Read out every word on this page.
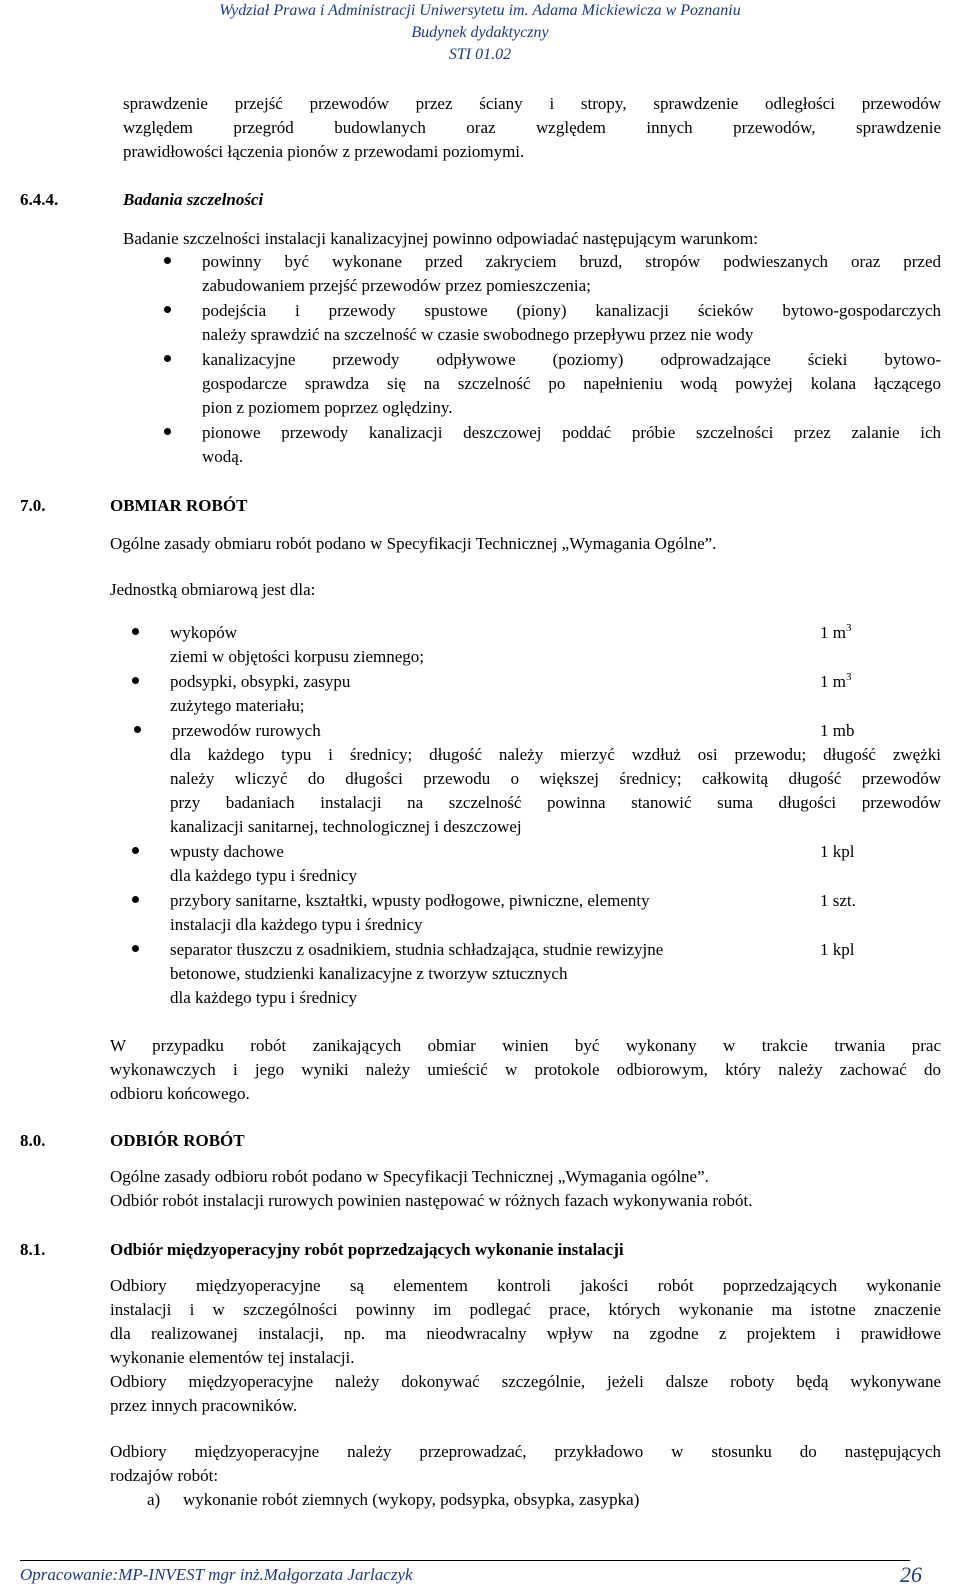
Wydział Prawa i Administracji Uniwersytetu im. Adama Mickiewicza w Poznaniu
Budynek dydaktyczny
STI 01.02
sprawdzenie przejść przewodów przez ściany i stropy, sprawdzenie odległości przewodów
względem przegród budowlanych oraz względem innych przewodów, sprawdzenie
prawidłowości łączenia pionów z przewodami poziomymi.
6.4.4.	Badania szczelności
Badanie szczelności instalacji kanalizacyjnej powinno odpowiadać następującym warunkom:
powinny być wykonane przed zakryciem bruzd, stropów podwieszanych oraz przed
zabudowaniem przejść przewodów przez pomieszczenia;
podejścia i przewody spustowe (piony) kanalizacji ścieków bytowo-gospodarczych
należy sprawdzić na szczelność w czasie swobodnego przepływu przez nie wody
kanalizacyjne przewody odpływowe (poziomy) odprowadzające ścieki bytowo-
gospodarcze sprawdza się na szczelność po napełnieniu wodą powyżej kolana łączącego
pion z poziomem poprzez oględziny.
pionowe przewody kanalizacji deszczowej poddać próbie szczelności przez zalanie ich
wodą.
7.0.	OBMIAR ROBÓT
Ogólne zasady obmiaru robót podano w Specyfikacji Technicznej „Wymagania Ogólne”.
Jednostką obmiarową jest dla:
wykopów	1 $m^3$
ziemi w objętości korpusu ziemnego;
podsypki, obsypki, zasypu	1 $m^3$
zużytego materiału;
przewodów rurowych	1 mb
dla każdego typu i średnicy; długość należy mierzyć wzdłuż osi przewodu; długość zwężki
należy wliczyć do długości przewodu o większej średnicy; całkowitą długość przewodów
przy badaniach instalacji na szczelność powinna stanowić suma długości przewodów
kanalizacji sanitarnej, technologicznej i deszczowej
wpusty dachowe	1 kpl
dla każdego typu i średnicy
przybory sanitarne, kształtki, wpusty podłogowe, piwniczne, elementy	1 szt.
instalacji dla każdego typu i średnicy
separator tłuszczu z osadnikiem, studnia schładzająca, studnie rewizyjne	1 kpl
betonowe, studzienki kanalizacyjne z tworzyw sztucznych
dla każdego typu i średnicy
W przypadku robót zanikających obmiar winien być wykonany w trakcie trwania prac
wykonawczych i jego wyniki należy umieścić w protokole odbiorowym, który należy zachować do
odbioru końcowego.
8.0.	ODBIÓR ROBÓT
Ogólne zasady odbioru robót podano w Specyfikacji Technicznej „Wymagania ogólne”.
Odbiór robót instalacji rurowych powinien następować w różnych fazach wykonywania robót.
8.1.	Odbiór międzyoperacyjny robót poprzedzających wykonanie instalacji
Odbiory międzyoperacyjne są elementem kontroli jakości robót poprzedzających wykonanie
instalacji i w szczególności powinny im podlegać prace, których wykonanie ma istotne znaczenie
dla realizowanej instalacji, np. ma nieodwracalny wpływ na zgodne z projektem i prawidłowe
wykonanie elementów tej instalacji.
Odbiory międzyoperacyjne należy dokonywać szczególnie, jeżeli dalsze roboty będą wykonywane
przez innych pracowników.
Odbiory międzyoperacyjne należy przeprowadzać, przykładowo w stosunku do następujących
rodzajów robót:
a) wykonanie robót ziemnych (wykopy, podsypka, obsypka, zasypka)
Opracowanie:MP-INVEST mgr inż.Małgorzata Jarlaczyk	26
